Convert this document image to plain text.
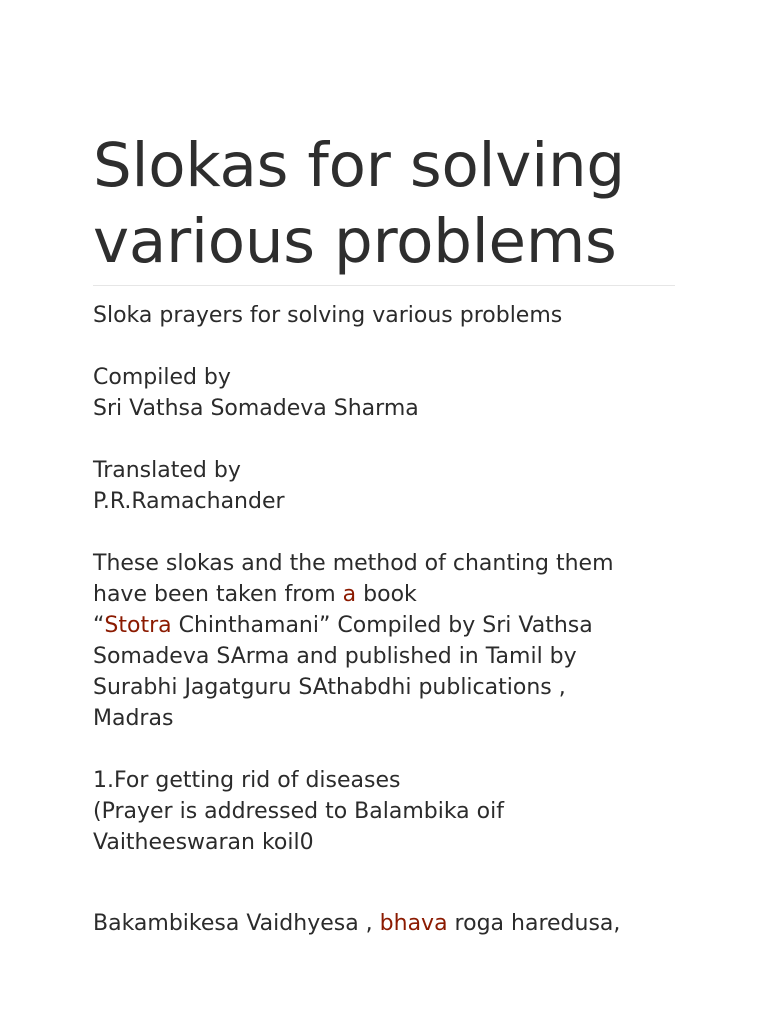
Slokas for solving
various problems

Sloka prayers for solving various problems

Compiled by

Sri Vathsa Somadeva Sharma

Translated by

P.R.Ramachander

These slokas and the method of chanting them

have been taken from a book

“Stotra Chinthamani” Compiled by Sri Vathsa

Somadeva SArma and published in Tamil by

Surabhi Jagatguru SAthabdhi publications ,

Madras

1.For getting rid of diseases

(Prayer is addressed to Balambika oif

Vaitheeswaran koil0

Bakambikesa Vaidhyesa , bhava roga haredusa,
